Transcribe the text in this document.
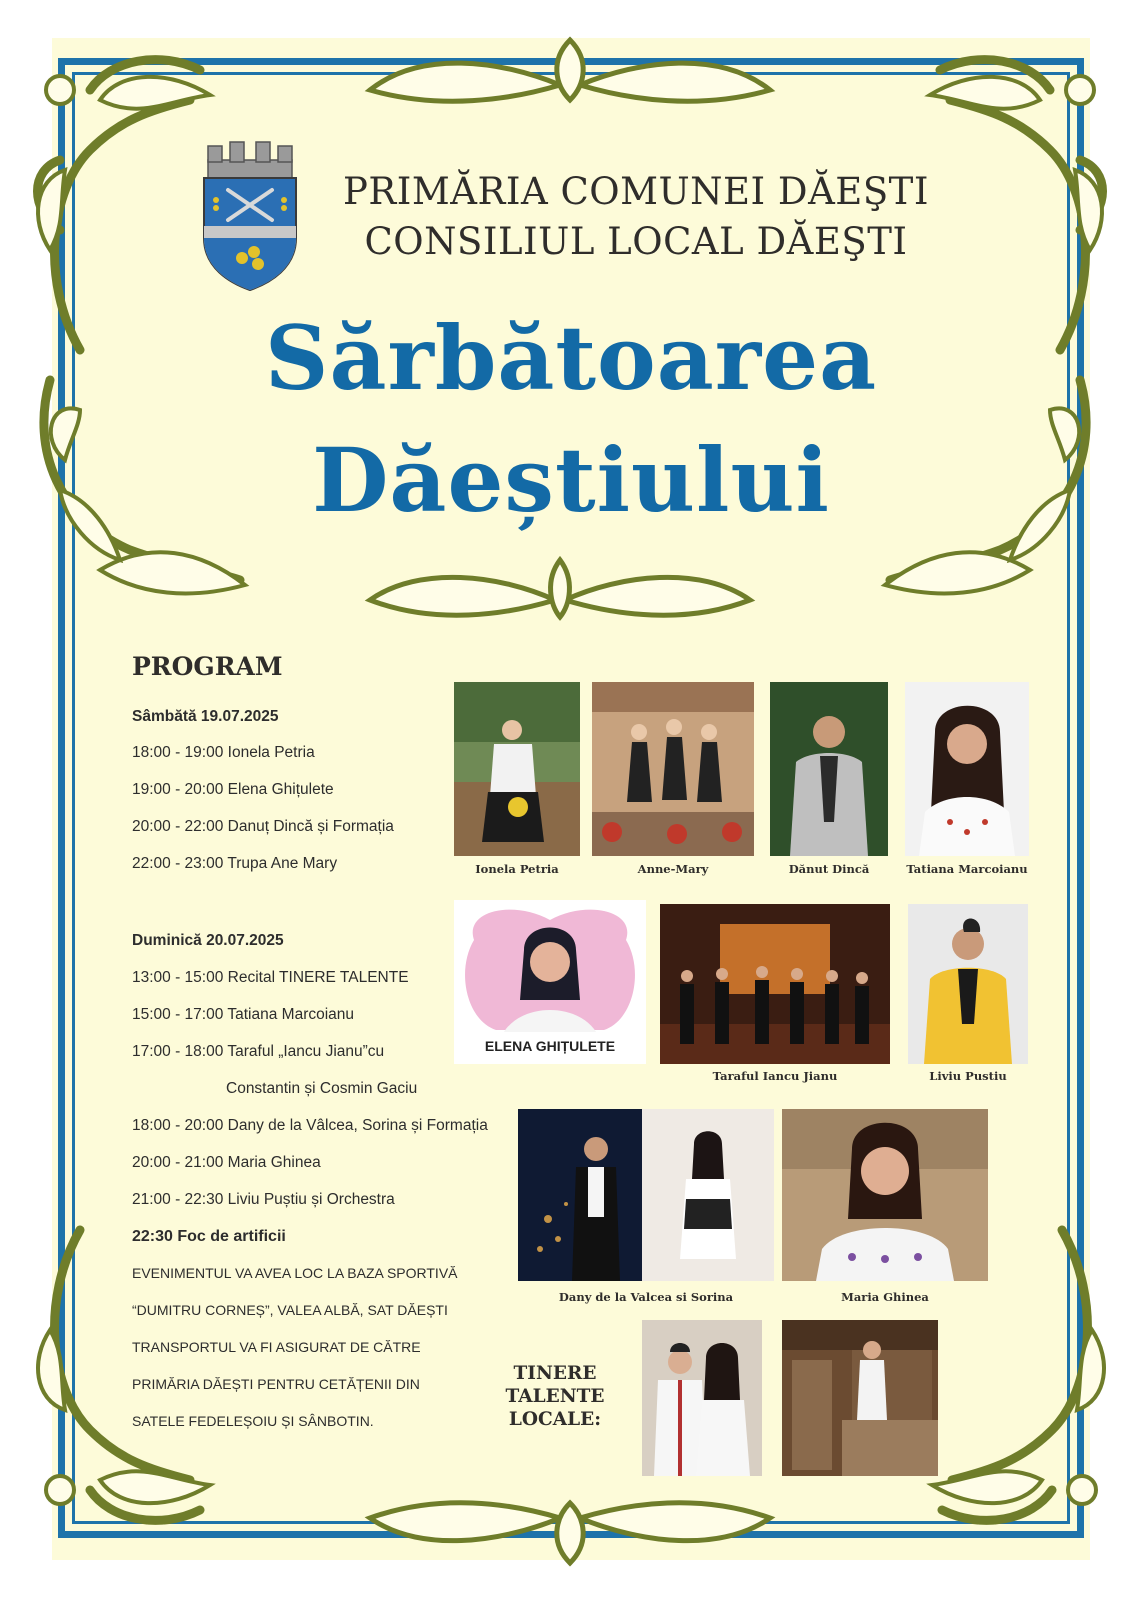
PRIMĂRIA COMUNEI DĂEŞTI
CONSILIUL LOCAL DĂEŞTI
Sărbătoarea
Dăeștiului
PROGRAM
Sâmbătă 19.07.2025
18:00 - 19:00 Ionela Petria
19:00 - 20:00 Elena Ghițulete
20:00 - 22:00 Danuț Dincă și Formația
22:00 - 23:00 Trupa Ane Mary
Duminică 20.07.2025
13:00 - 15:00 Recital TINERE TALENTE
15:00 - 17:00 Tatiana Marcoianu
17:00 - 18:00 Taraful „Iancu Jianu”cu
Constantin și Cosmin Gaciu
18:00 - 20:00 Dany de la Vâlcea, Sorina și Formația
20:00 - 21:00 Maria Ghinea
21:00 - 22:30 Liviu Puștiu și Orchestra
22:30 Foc de artificii
EVENIMENTUL VA AVEA LOC LA BAZA SPORTIVĂ
“DUMITRU CORNEȘ”, VALEA ALBĂ, SAT DĂEȘTI
TRANSPORTUL VA FI ASIGURAT DE CĂTRE
PRIMĂRIA DĂEȘTI PENTRU CETĂȚENII DIN
SATELE FEDELEȘOIU ȘI SÂNBOTIN.
Ionela Petria	Anne-Mary	Dănut Dincă	Tatiana Marcoianu
ELENA GHIȚULETE
Taraful Iancu Jianu	Liviu Pustiu
Dany de la Valcea si Sorina	Maria Ghinea
TINERE
TALENTE
LOCALE:
